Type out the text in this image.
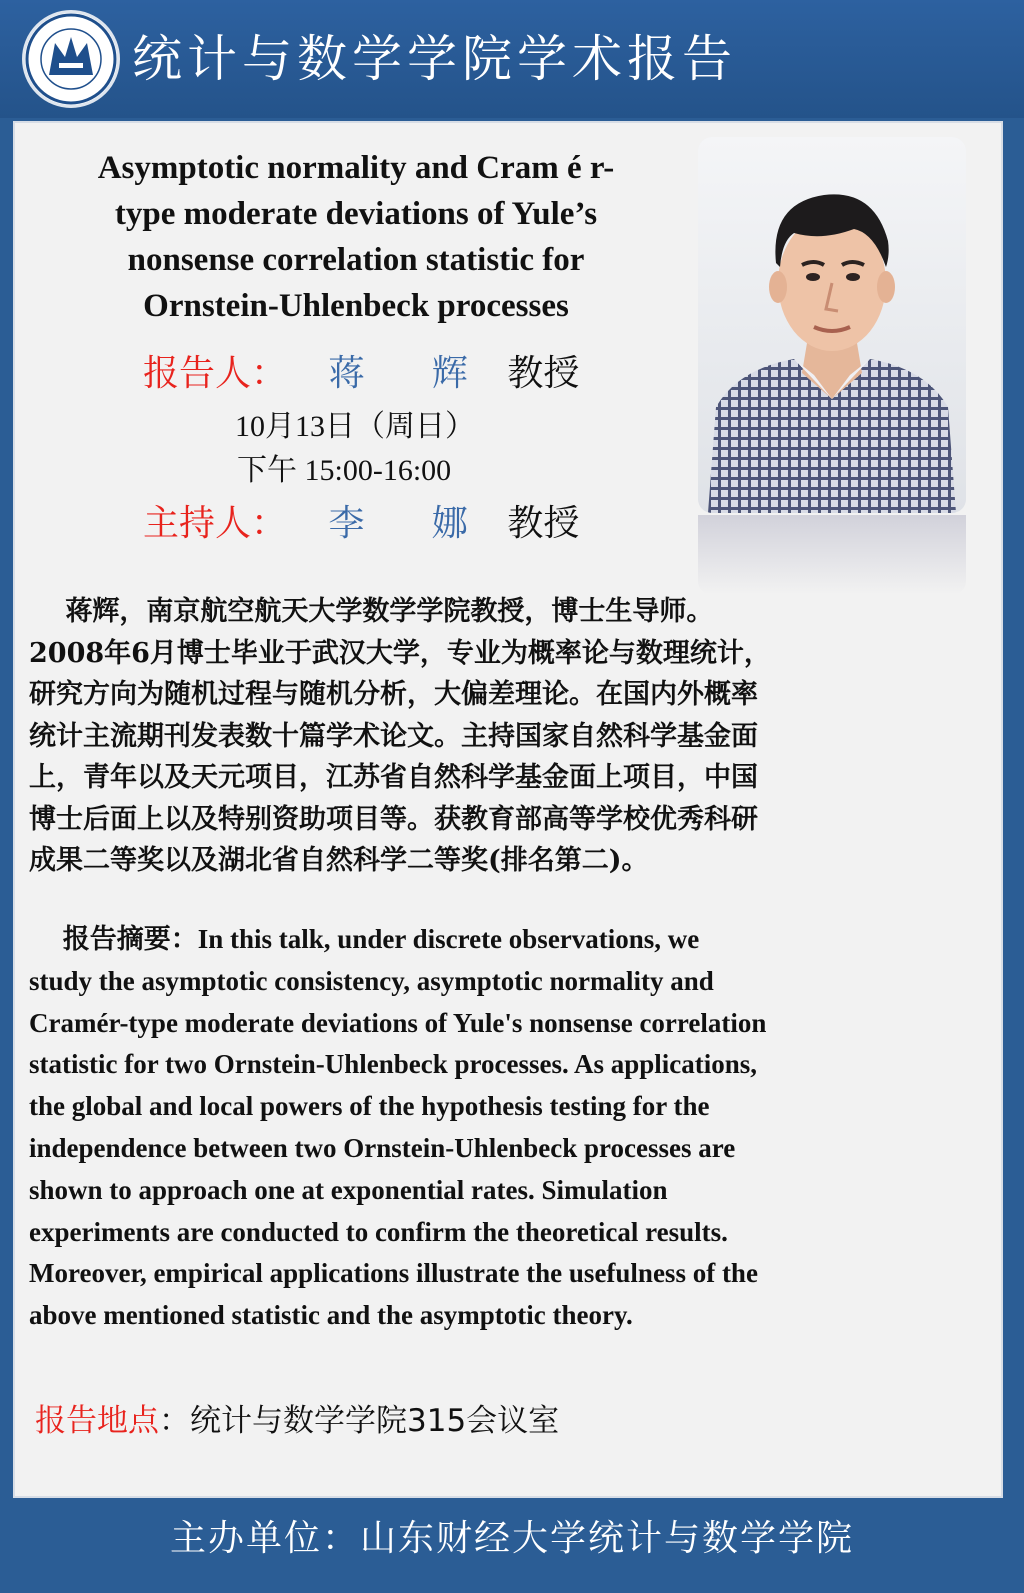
统计与数学学院学术报告
Asymptotic normality and Cram é r-
type moderate deviations of Yule’s
nonsense correlation statistic for
Ornstein-Uhlenbeck processes
报告人： 蒋 辉 教授
10月13日（周日）
下午 15:00-16:00
主持人： 李 娜 教授
　 蒋辉，南京航空航天大学数学学院教授，博士生导师。
2008年6月博士毕业于武汉大学，专业为概率论与数理统计，
研究方向为随机过程与随机分析，大偏差理论。在国内外概率
统计主流期刊发表数十篇学术论文。主持国家自然科学基金面
上，青年以及天元项目，江苏省自然科学基金面上项目，中国
博士后面上以及特别资助项目等。获教育部高等学校优秀科研
成果二等奖以及湖北省自然科学二等奖(排名第二)。
　 报告摘要：In this talk, under discrete observations, we
study the asymptotic consistency, asymptotic normality and
Cramér-type moderate deviations of Yule's nonsense correlation
statistic for two Ornstein-Uhlenbeck processes. As applications,
the global and local powers of the hypothesis testing for the
independence between two Ornstein-Uhlenbeck processes are
shown to approach one at exponential rates. Simulation
experiments are conducted to confirm the theoretical results.
Moreover, empirical applications illustrate the usefulness of the
above mentioned statistic and the asymptotic theory.
报告地点：统计与数学学院315会议室
主办单位：山东财经大学统计与数学学院
